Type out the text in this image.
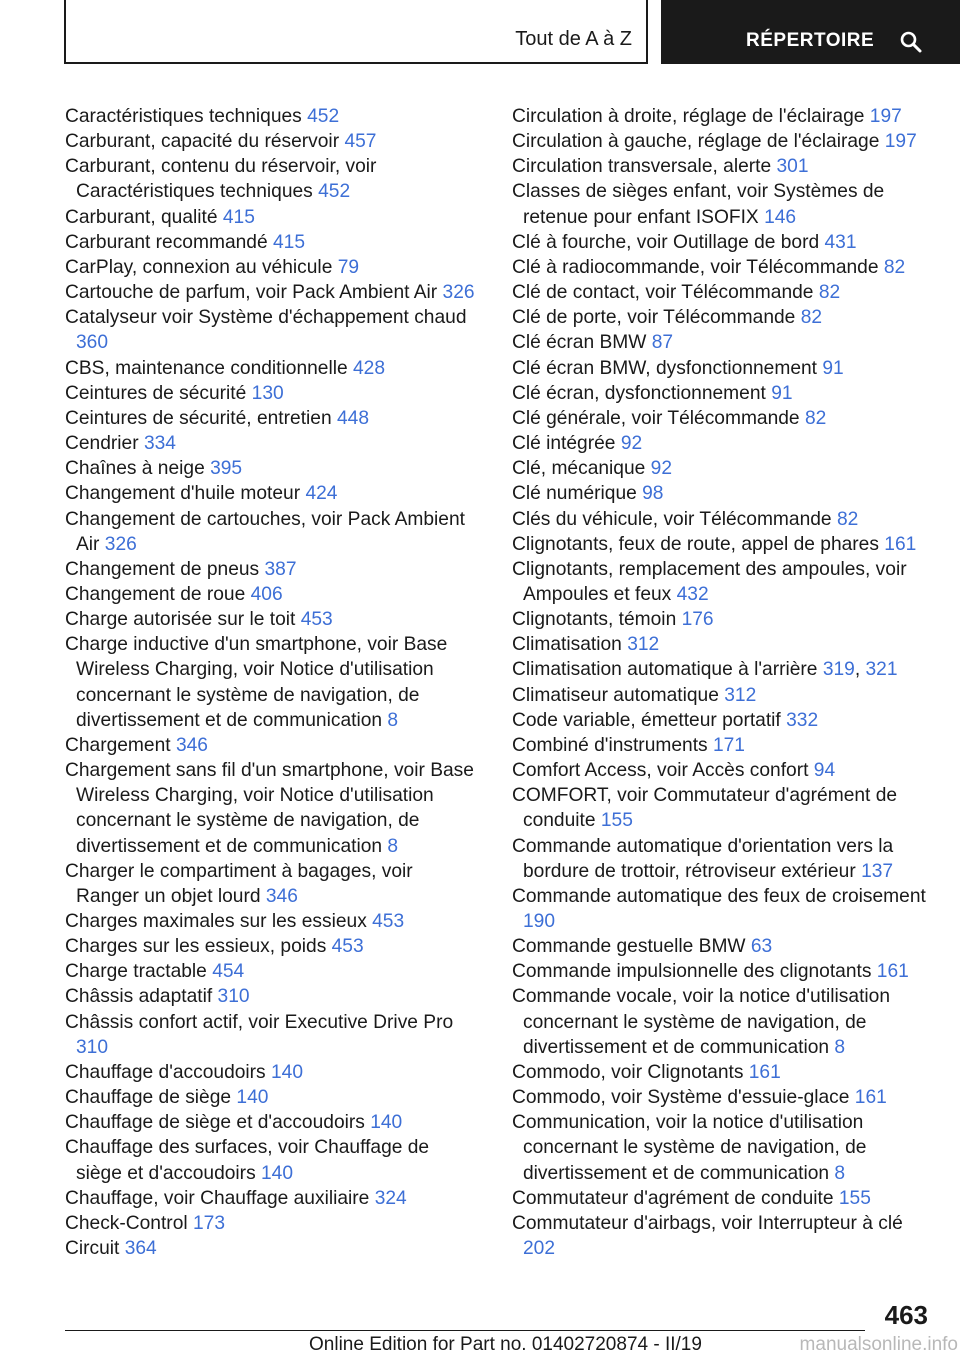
Tout de A à Z	RÉPERTOIRE
Caractéristiques techniques 452
Carburant, capacité du réservoir 457
Carburant, contenu du réservoir, voir Caractéristiques techniques 452
Carburant, qualité 415
Carburant recommandé 415
CarPlay, connexion au véhicule 79
Cartouche de parfum, voir Pack Ambient Air 326
Catalyseur voir Système d'échappement chaud 360
CBS, maintenance conditionnelle 428
Ceintures de sécurité 130
Ceintures de sécurité, entretien 448
Cendrier 334
Chaînes à neige 395
Changement d'huile moteur 424
Changement de cartouches, voir Pack Ambient Air 326
Changement de pneus 387
Changement de roue 406
Charge autorisée sur le toit 453
Charge inductive d'un smartphone, voir Base Wireless Charging, voir Notice d'utilisation concernant le système de navigation, de divertissement et de communication 8
Chargement 346
Chargement sans fil d'un smartphone, voir Base Wireless Charging, voir Notice d'utilisation concernant le système de navigation, de divertissement et de communication 8
Charger le compartiment à bagages, voir Ranger un objet lourd 346
Charges maximales sur les essieux 453
Charges sur les essieux, poids 453
Charge tractable 454
Châssis adaptatif 310
Châssis confort actif, voir Executive Drive Pro 310
Chauffage d'accoudoirs 140
Chauffage de siège 140
Chauffage de siège et d'accoudoirs 140
Chauffage des surfaces, voir Chauffage de siège et d'accoudoirs 140
Chauffage, voir Chauffage auxiliaire 324
Check-Control 173
Circuit 364
Circulation à droite, réglage de l'éclairage 197
Circulation à gauche, réglage de l'éclairage 197
Circulation transversale, alerte 301
Classes de sièges enfant, voir Systèmes de retenue pour enfant ISOFIX 146
Clé à fourche, voir Outillage de bord 431
Clé à radiocommande, voir Télécommande 82
Clé de contact, voir Télécommande 82
Clé de porte, voir Télécommande 82
Clé écran BMW 87
Clé écran BMW, dysfonctionnement 91
Clé écran, dysfonctionnement 91
Clé générale, voir Télécommande 82
Clé intégrée 92
Clé, mécanique 92
Clé numérique 98
Clés du véhicule, voir Télécommande 82
Clignotants, feux de route, appel de phares 161
Clignotants, remplacement des ampoules, voir Ampoules et feux 432
Clignotants, témoin 176
Climatisation 312
Climatisation automatique à l'arrière 319, 321
Climatiseur automatique 312
Code variable, émetteur portatif 332
Combiné d'instruments 171
Comfort Access, voir Accès confort 94
COMFORT, voir Commutateur d'agrément de conduite 155
Commande automatique d'orientation vers la bordure de trottoir, rétroviseur extérieur 137
Commande automatique des feux de croisement 190
Commande gestuelle BMW 63
Commande impulsionnelle des clignotants 161
Commande vocale, voir la notice d'utilisation concernant le système de navigation, de divertissement et de communication 8
Commodo, voir Clignotants 161
Commodo, voir Système d'essuie-glace 161
Communication, voir la notice d'utilisation concernant le système de navigation, de divertissement et de communication 8
Commutateur d'agrément de conduite 155
Commutateur d'airbags, voir Interrupteur à clé 202
463
Online Edition for Part no. 01402720874 - II/19	manualsonline.info
